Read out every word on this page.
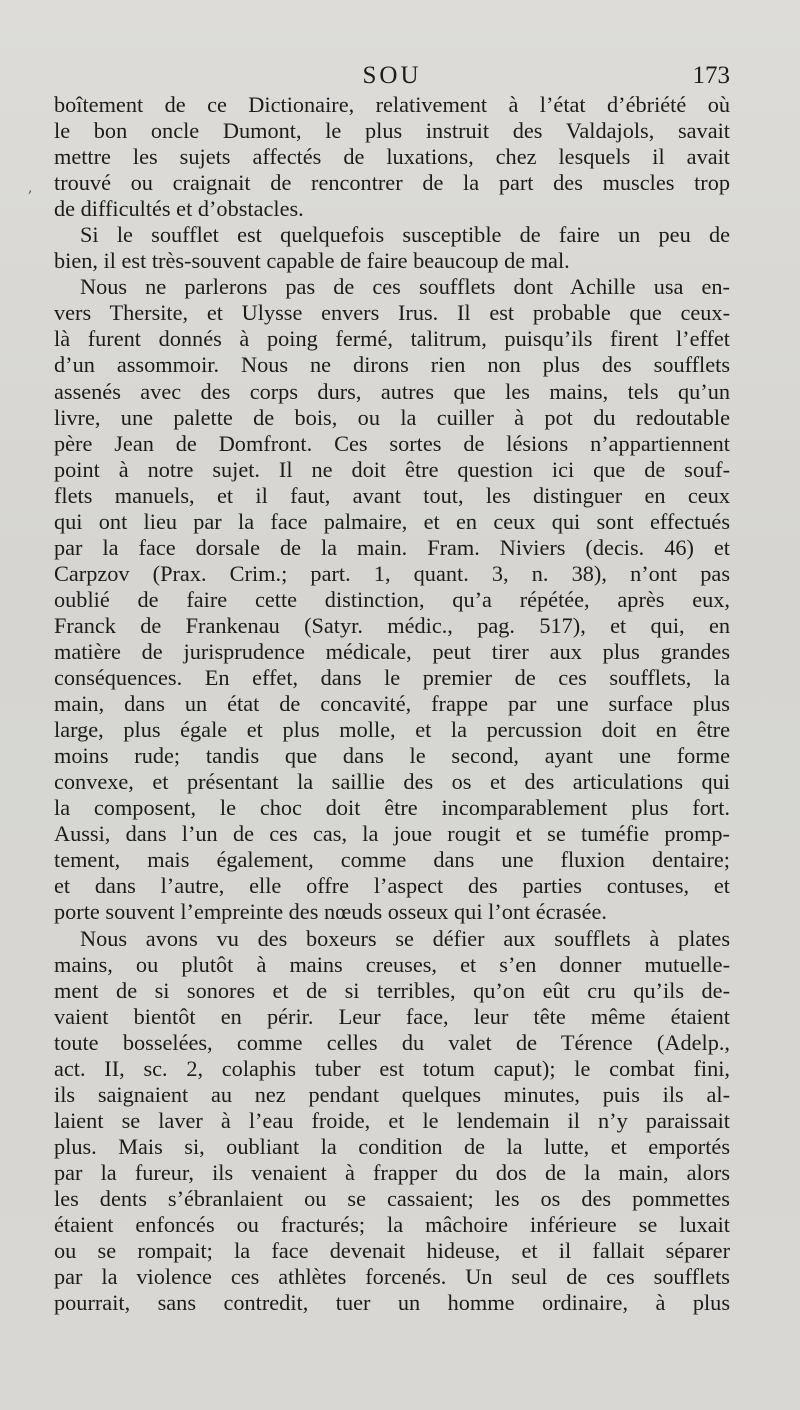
SOU	173
,
boîtement de ce Dictionaire, relativement à l’état d’ébriété où
le bon oncle Dumont, le plus instruit des Valdajols, savait
mettre les sujets affectés de luxations, chez lesquels il avait
trouvé ou craignait de rencontrer de la part des muscles trop
de difficultés et d’obstacles.
Si le soufflet est quelquefois susceptible de faire un peu de
bien, il est très-souvent capable de faire beaucoup de mal.
Nous ne parlerons pas de ces soufflets dont Achille usa en-
vers Thersite, et Ulysse envers Irus. Il est probable que ceux-
là furent donnés à poing fermé, talitrum, puisqu’ils firent l’effet
d’un assommoir. Nous ne dirons rien non plus des soufflets
assenés avec des corps durs, autres que les mains, tels qu’un
livre, une palette de bois, ou la cuiller à pot du redoutable
père Jean de Domfront. Ces sortes de lésions n’appartiennent
point à notre sujet. Il ne doit être question ici que de souf-
flets manuels, et il faut, avant tout, les distinguer en ceux
qui ont lieu par la face palmaire, et en ceux qui sont effectués
par la face dorsale de la main. Fram. Niviers (decis. 46) et
Carpzov (Prax. Crim.; part. 1, quant. 3, n. 38), n’ont pas
oublié de faire cette distinction, qu’a répétée, après eux,
Franck de Frankenau (Satyr. médic., pag. 517), et qui, en
matière de jurisprudence médicale, peut tirer aux plus grandes
conséquences. En effet, dans le premier de ces soufflets, la
main, dans un état de concavité, frappe par une surface plus
large, plus égale et plus molle, et la percussion doit en être
moins rude; tandis que dans le second, ayant une forme
convexe, et présentant la saillie des os et des articulations qui
la composent, le choc doit être incomparablement plus fort.
Aussi, dans l’un de ces cas, la joue rougit et se tuméfie promp-
tement, mais également, comme dans une fluxion dentaire;
et dans l’autre, elle offre l’aspect des parties contuses, et
porte souvent l’empreinte des nœuds osseux qui l’ont écrasée.
Nous avons vu des boxeurs se défier aux soufflets à plates
mains, ou plutôt à mains creuses, et s’en donner mutuelle-
ment de si sonores et de si terribles, qu’on eût cru qu’ils de-
vaient bientôt en périr. Leur face, leur tête même étaient
toute bosselées, comme celles du valet de Térence (Adelp.,
act. II, sc. 2, colaphis tuber est totum caput); le combat fini,
ils saignaient au nez pendant quelques minutes, puis ils al-
laient se laver à l’eau froide, et le lendemain il n’y paraissait
plus. Mais si, oubliant la condition de la lutte, et emportés
par la fureur, ils venaient à frapper du dos de la main, alors
les dents s’ébranlaient ou se cassaient; les os des pommettes
étaient enfoncés ou fracturés; la mâchoire inférieure se luxait
ou se rompait; la face devenait hideuse, et il fallait séparer
par la violence ces athlètes forcenés. Un seul de ces soufflets
pourrait, sans contredit, tuer un homme ordinaire, à plus
